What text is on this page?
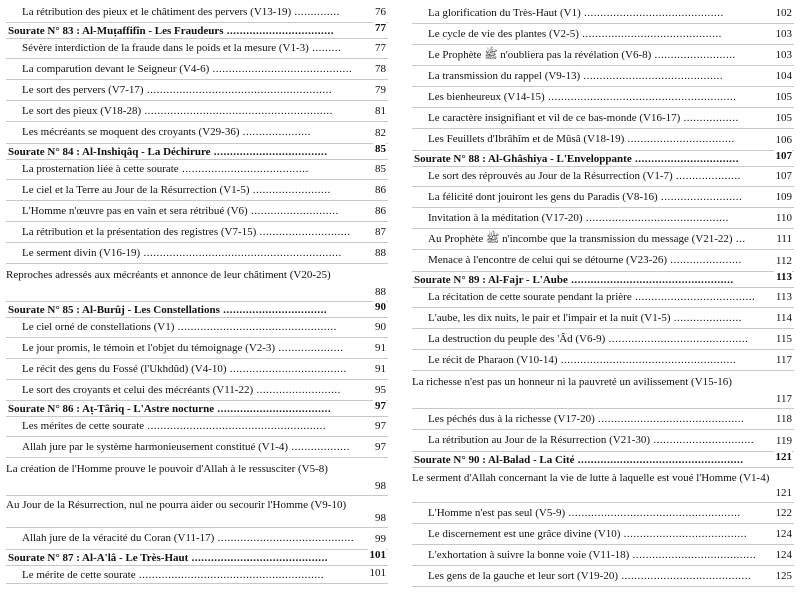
La rétribution des pieux et le châtiment des pervers (V13-19) ..............	76
Sourate N° 83 : Al-Muṭaffifîn - Les Fraudeurs .................................	77
Sévère interdiction de la fraude dans le poids et la mesure (V1-3) .........	77
La comparution devant le Seigneur (V4-6) ...........................................	78
Le sort des pervers (V7-17) .........................................................	79
Le sort des pieux (V18-28) ..........................................................	81
Les mécréants se moquent des croyants (V29-36) .....................	82
Sourate N° 84 : Al-Inshiqâq - La Déchirure ...................................	85
La prosternation liée à cette sourate .......................................	85
Le ciel et la Terre au Jour de la Résurrection (V1-5) ........................	86
L'Homme n'œuvre pas en vain et sera rétribué (V6) ...........................	86
La rétribution et la présentation des registres (V7-15) ............................	87
Le serment divin (V16-19) .............................................................	88
Reproches adressés aux mécréants et annonce de leur châtiment (V20-25)
88
Sourate N° 85 : Al-Burûj - Les Constellations ................................	90
Le ciel orné de constellations (V1) .................................................	90
Le jour promis, le témoin et l'objet du témoignage (V2-3) ....................	91
Le récit des gens du Fossé (l'Ukhdûd) (V4-10) ....................................	91
Le sort des croyants et celui des mécréants (V11-22) ..........................	95
Sourate N° 86 : Aṭ-Târiq - L'Astre nocturne ...................................	97
Les mérites de cette sourate .......................................................	97
Allah jure par le système harmonieusement constitué (V1-4) ..................	97
La création de l'Homme prouve le pouvoir d'Allah à le ressusciter (V5-8)
98
Au Jour de la Résurrection, nul ne pourra aider ou secourir l'Homme (V9-10)
98
Allah jure de la véracité du Coran (V11-17) ..........................................	99
Sourate N° 87 : Al-A'lâ - Le Très-Haut ..........................................	101
Le mérite de cette sourate .........................................................	101
La glorification du Très-Haut (V1) ...........................................	102
Le cycle de vie des plantes (V2-5) ...........................................	103
Le Prophète ﷺ n'oubliera pas la révélation (V6-8) .........................	103
La transmission du rappel (V9-13) ...........................................	104
Les bienheureux (V14-15) ..........................................................	105
Le caractère insignifiant et vil de ce bas-monde (V16-17) .................	105
Les Feuillets d'Ibrâhîm et de Mûsâ (V18-19) .................................	106
Sourate N° 88 : Al-Ghâshiya - L'Enveloppante ................................	107
Le sort des réprouvés au Jour de la Résurrection (V1-7) ....................	107
La félicité dont jouiront les gens du Paradis (V8-16) .........................	109
Invitation à la méditation (V17-20) ............................................	110
Au Prophète ﷺ n'incombe que la transmission du message (V21-22) ...	111
Menace à l'encontre de celui qui se détourne (V23-26) ......................	112
Sourate N° 89 : Al-Fajr - L'Aube ..................................................	113
La récitation de cette sourate pendant la prière .....................................	113
L'aube, les dix nuits, le pair et l'impair et la nuit (V1-5) .....................	114
La destruction du peuple des 'Âd (V6-9) ...........................................	115
Le récit de Pharaon (V10-14) ......................................................	117
La richesse n'est pas un honneur ni la pauvreté un avilissement (V15-16)
117
Les péchés dus à la richesse (V17-20) .............................................	118
La rétribution au Jour de la Résurrection (V21-30) ...............................	119
Sourate N° 90 : Al-Balad - La Cité ...................................................	121
Le serment d'Allah concernant la vie de lutte à laquelle est voué l'Homme (V1-4)
121
L'Homme n'est pas seul (V5-9) .....................................................	122
Le discernement est une grâce divine (V10) ......................................	124
L'exhortation à suivre la bonne voie (V11-18) ......................................	124
Les gens de la gauche et leur sort (V19-20) ........................................	125
